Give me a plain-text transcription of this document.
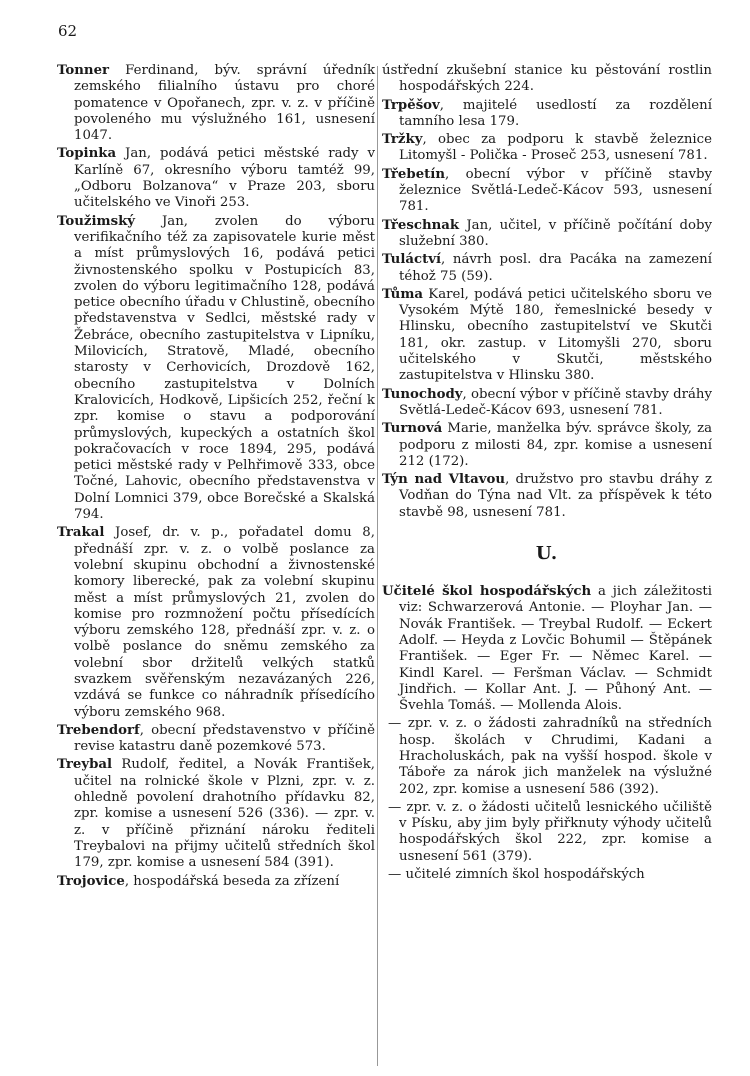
62

Tonner Ferdinand, býv. správní úředník zemského filialního ústavu pro choré pomatence v Opořanech, zpr. v. z. v příčině povoleného mu výslužného 161, usnesení 1047.

Topinka Jan, podává petici městské rady v Karlíně 67, okresního výboru tamtéž 99, „Odboru Bolzanova“ v Praze 203, sboru učitelského ve Vinoři 253.

Toužimský Jan, zvolen do výboru verifikačního též za zapisovatele kurie měst a míst průmyslových 16, podává petici živnostenského spolku v Postupicích 83, zvolen do výboru legitimačního 128, podává petice obecního úřadu v Chlustině, obecního představenstva v Sedlci, městské rady v Žebráce, obecního zastupitelstva v Lipníku, Milovicích, Stratově, Mladé, obecního starosty v Cerhovicích, Drozdově 162, obecního zastupitelstva v Dolních Kralovicích, Hodkově, Lipšicích 252, řeční k zpr. komise o stavu a podporování průmyslových, kupeckých a ostatních škol pokračovacích v roce 1894, 295, podává petici městské rady v Pelhřimově 333, obce Točné, Lahovic, obecního představenstva v Dolní Lomnici 379, obce Borečské a Skalská 794.

Trakal Josef, dr. v. p., pořadatel domu 8, přednáší zpr. v. z. o volbě poslance za volební skupinu obchodní a živnostenské komory liberecké, pak za volební skupinu měst a míst průmyslových 21, zvolen do komise pro rozmnožení počtu přísedících výboru zemského 128, přednáší zpr. v. z. o volbě poslance do sněmu zemského za volební sbor držitelů velkých statků svazkem svěřenským nezavázaných 226, vzdává se funkce co náhradník přísedícího výboru zemského 968.

Trebendorf, obecní představenstvo v příčině revise katastru daně pozemkové 573.

Treybal Rudolf, ředitel, a Novák František, učitel na rolnické škole v Plzni, zpr. v. z. ohledně povolení drahotního přídavku 82, zpr. komise a usnesení 526 (336). — zpr. v. z. v příčině přiznání nároku řediteli Treybalovi na přijmy učitelů středních škol 179, zpr. komise a usnesení 584 (391).

Trojovice, hospodářská beseda za zřízení

ústřední zkušební stanice ku pěstování rostlin hospodářských 224.

Trpěšov, majitelé usedlostí za rozdělení tamního lesa 179.

Tržky, obec za podporu k stavbě železnice Litomyšl - Polička - Proseč 253, usnesení 781.

Třebetín, obecní výbor v příčině stavby železnice Světlá-Ledeč-Kácov 593, usnesení 781.

Třeschnak Jan, učitel, v příčině počítání doby služební 380.

Tuláctví, návrh posl. dra Pacáka na zamezení téhož 75 (59).

Tůma Karel, podává petici učitelského sboru ve Vysokém Mýtě 180, řemeslnické besedy v Hlinsku, obecního zastupitelství ve Skutči 181, okr. zastup. v Litomyšli 270, sboru učitelského v Skutči, městského zastupitelstva v Hlinsku 380.

Tunochody, obecní výbor v příčině stavby dráhy Světlá-Ledeč-Kácov 693, usnesení 781.

Turnová Marie, manželka býv. správce školy, za podporu z milosti 84, zpr. komise a usnesení 212 (172).

Týn nad Vltavou, družstvo pro stavbu dráhy z Vodňan do Týna nad Vlt. za příspěvek k této stavbě 98, usnesení 781.

U.

Učitelé škol hospodářských a jich záležitosti viz: Schwarzerová Antonie. — Ployhar Jan. — Novák František. — Treybal Rudolf. — Eckert Adolf. — Heyda z Lovčic Bohumil — Štěpánek František. — Eger Fr. — Němec Karel. — Kindl Karel. — Feršman Václav. — Schmidt Jindřich. — Kollar Ant. J. — Půhoný Ant. — Švehla Tomáš. — Mollenda Alois.

— zpr. v. z. o žádosti zahradníků na středních hosp. školách v Chrudimi, Kadani a Hracholuskách, pak na vyšší hospod. škole v Táboře za nárok jich manželek na výslužné 202, zpr. komise a usnesení 586 (392).

— zpr. v. z. o žádosti učitelů lesnického učiliště v Písku, aby jim byly přiřknuty výhody učitelů hospodářských škol 222, zpr. komise a usnesení 561 (379).

— učitelé zimních škol hospodářských
